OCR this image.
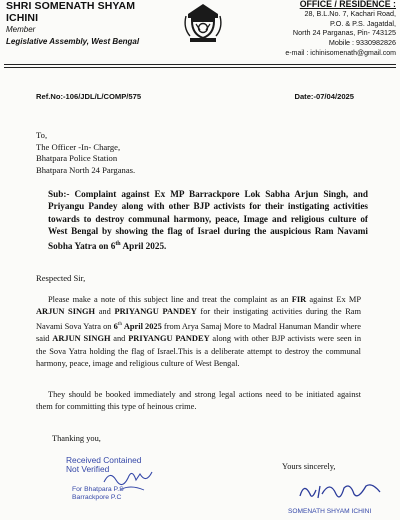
SHRI SOMENATH SHYAM ICHINI
Member
Legislative Assembly, West Bengal
OFFICE / RESIDENCE :
28, B.L.No. 7, Kachari Road,
P.O. & P.S. Jagatdal,
North 24 Parganas, Pin- 743125
Mobile : 9330982826
e-mail : ichinisomenath@gmail.com
Ref.No:-106/JDL/L/COMP/575	Date:-07/04/2025
To,
The Officer -In- Charge,
Bhatpara Police Station
Bhatpara North 24 Parganas.
Sub:- Complaint against Ex MP Barrackpore Lok Sabha Arjun Singh, and Priyangu Pandey along with other BJP activists for their instigating activities towards to destroy communal harmony, peace, Image and religious culture of West Bengal by showing the flag of Israel during the auspicious Ram Navami Sobha Yatra on 6th April 2025.
Respected Sir,
Please make a note of this subject line and treat the complaint as an FIR against Ex MP ARJUN SINGH and PRIYANGU PANDEY for their instigating activities during the Ram Navami Sova Yatra on 6th April 2025 from Arya Samaj More to Madral Hanuman Mandir where said ARJUN SINGH and PRIYANGU PANDEY along with other BJP activists were seen in the Sova Yatra holding the flag of Israel.This is a deliberate attempt to destroy the communal harmony, peace, image and religious culture of West Bengal.
They should be booked immediately and strong legal actions need to be initiated against them for committing this type of heinous crime.
Thanking you,
Yours sincerely,
Received Contained
Not Verified
For Bhatpara P.S
Barrackpore P.C
SOMENATH SHYAM ICHINI
